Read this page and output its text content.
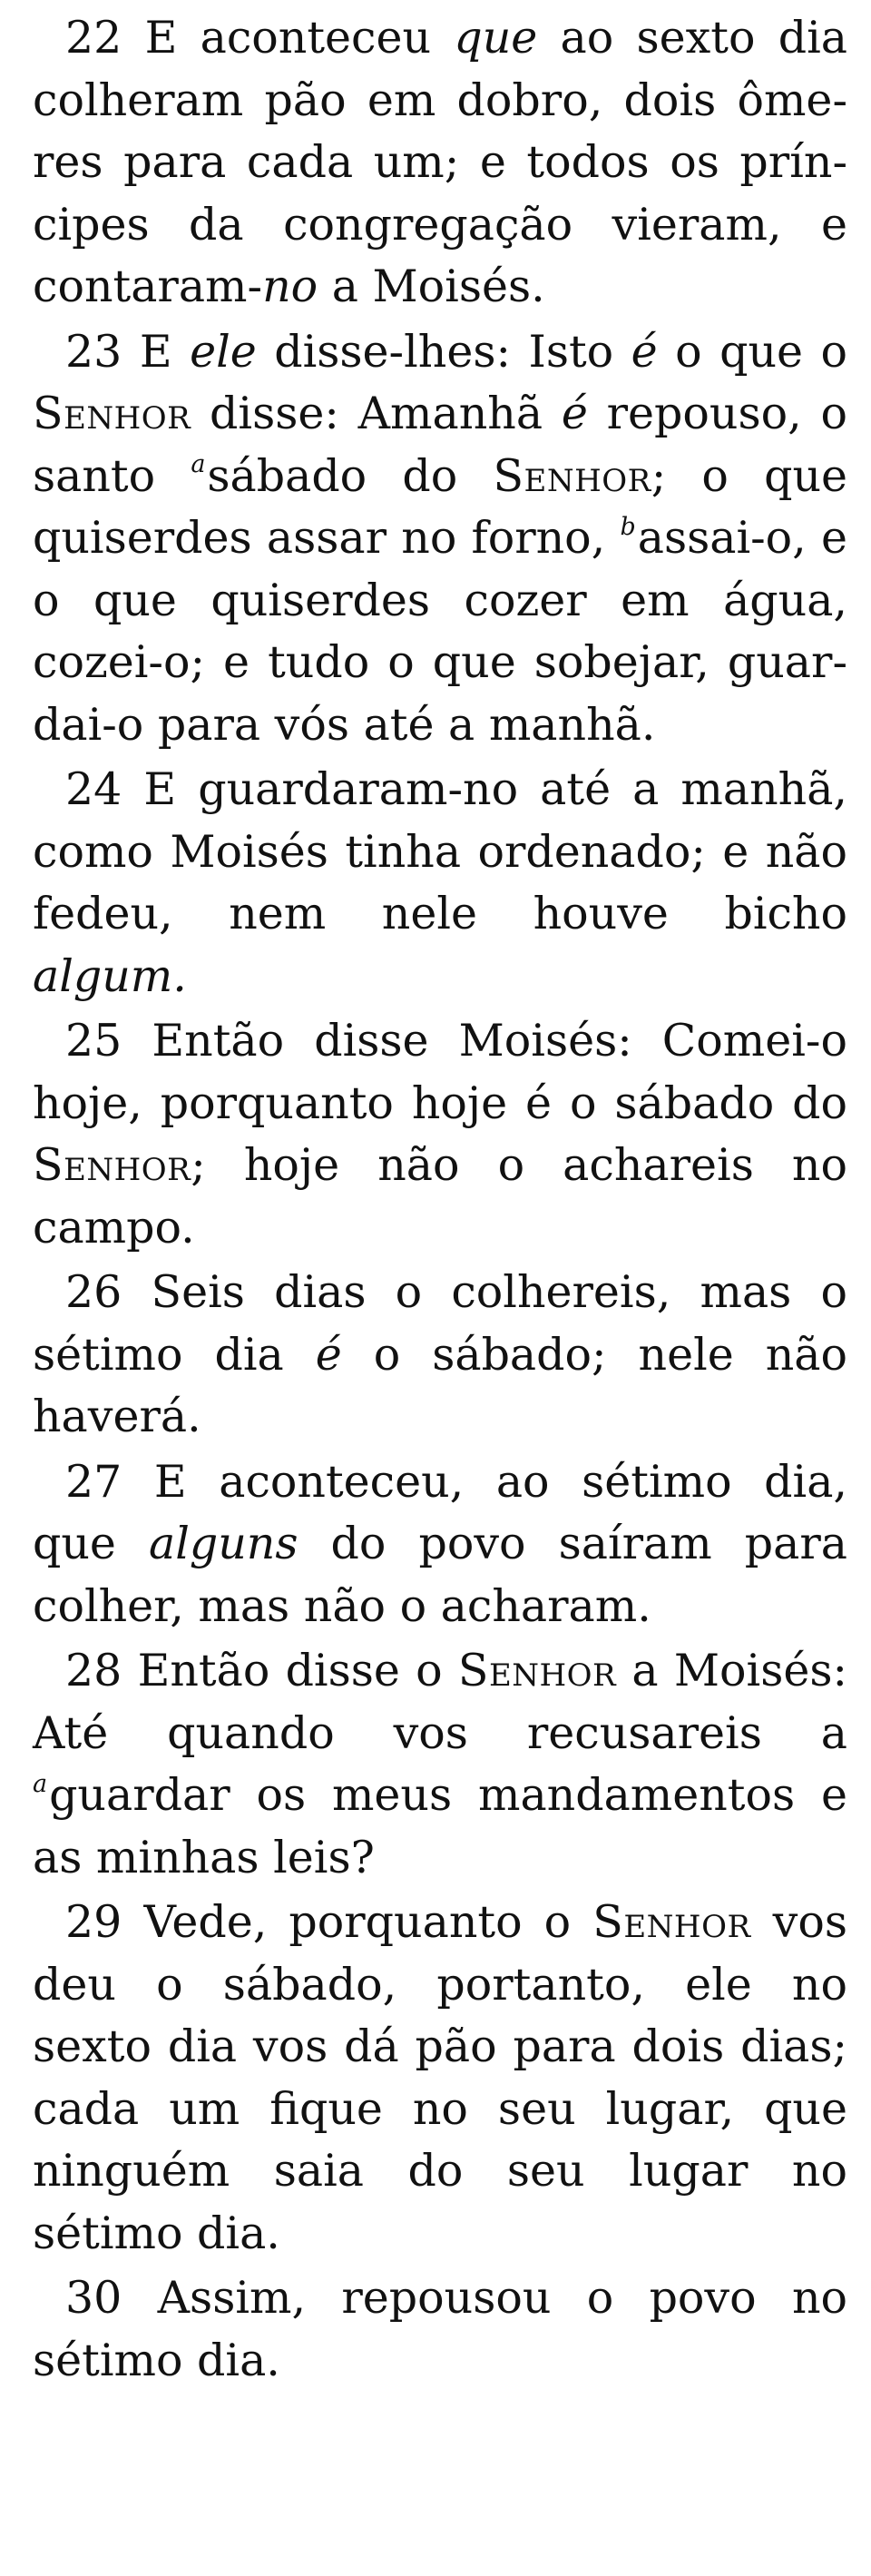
22 E aconteceu que ao sexto dia colheram pão em dobro, dois ômeres para cada um; e todos os príncipes da congregação vieram, e contaram-no a Moisés.

23 E ele disse-lhes: Isto é o que o Senhor disse: Amanhã é repouso, o santo $^a$sábado do Senhor; o que quiserdes assar no forno, $^b$assai-o, e o que quiserdes cozer em água, cozei-o; e tudo o que sobejar, guardai-o para vós até a manhã.

24 E guardaram-no até a manhã, como Moisés tinha ordenado; e não fedeu, nem nele houve bicho algum.

25 Então disse Moisés: Comei-o hoje, porquanto hoje é o sábado do Senhor; hoje não o achareis no campo.

26 Seis dias o colhereis, mas o sétimo dia é o sábado; nele não haverá.

27 E aconteceu, ao sétimo dia, que alguns do povo saíram para colher, mas não o acharam.

28 Então disse o Senhor a Moisés: Até quando vos recusareis a $^a$guardar os meus mandamentos e as minhas leis?

29 Vede, porquanto o Senhor vos deu o sábado, portanto, ele no sexto dia vos dá pão para dois dias; cada um fique no seu lugar, que ninguém saia do seu lugar no sétimo dia.

30 Assim, repousou o povo no sétimo dia.
